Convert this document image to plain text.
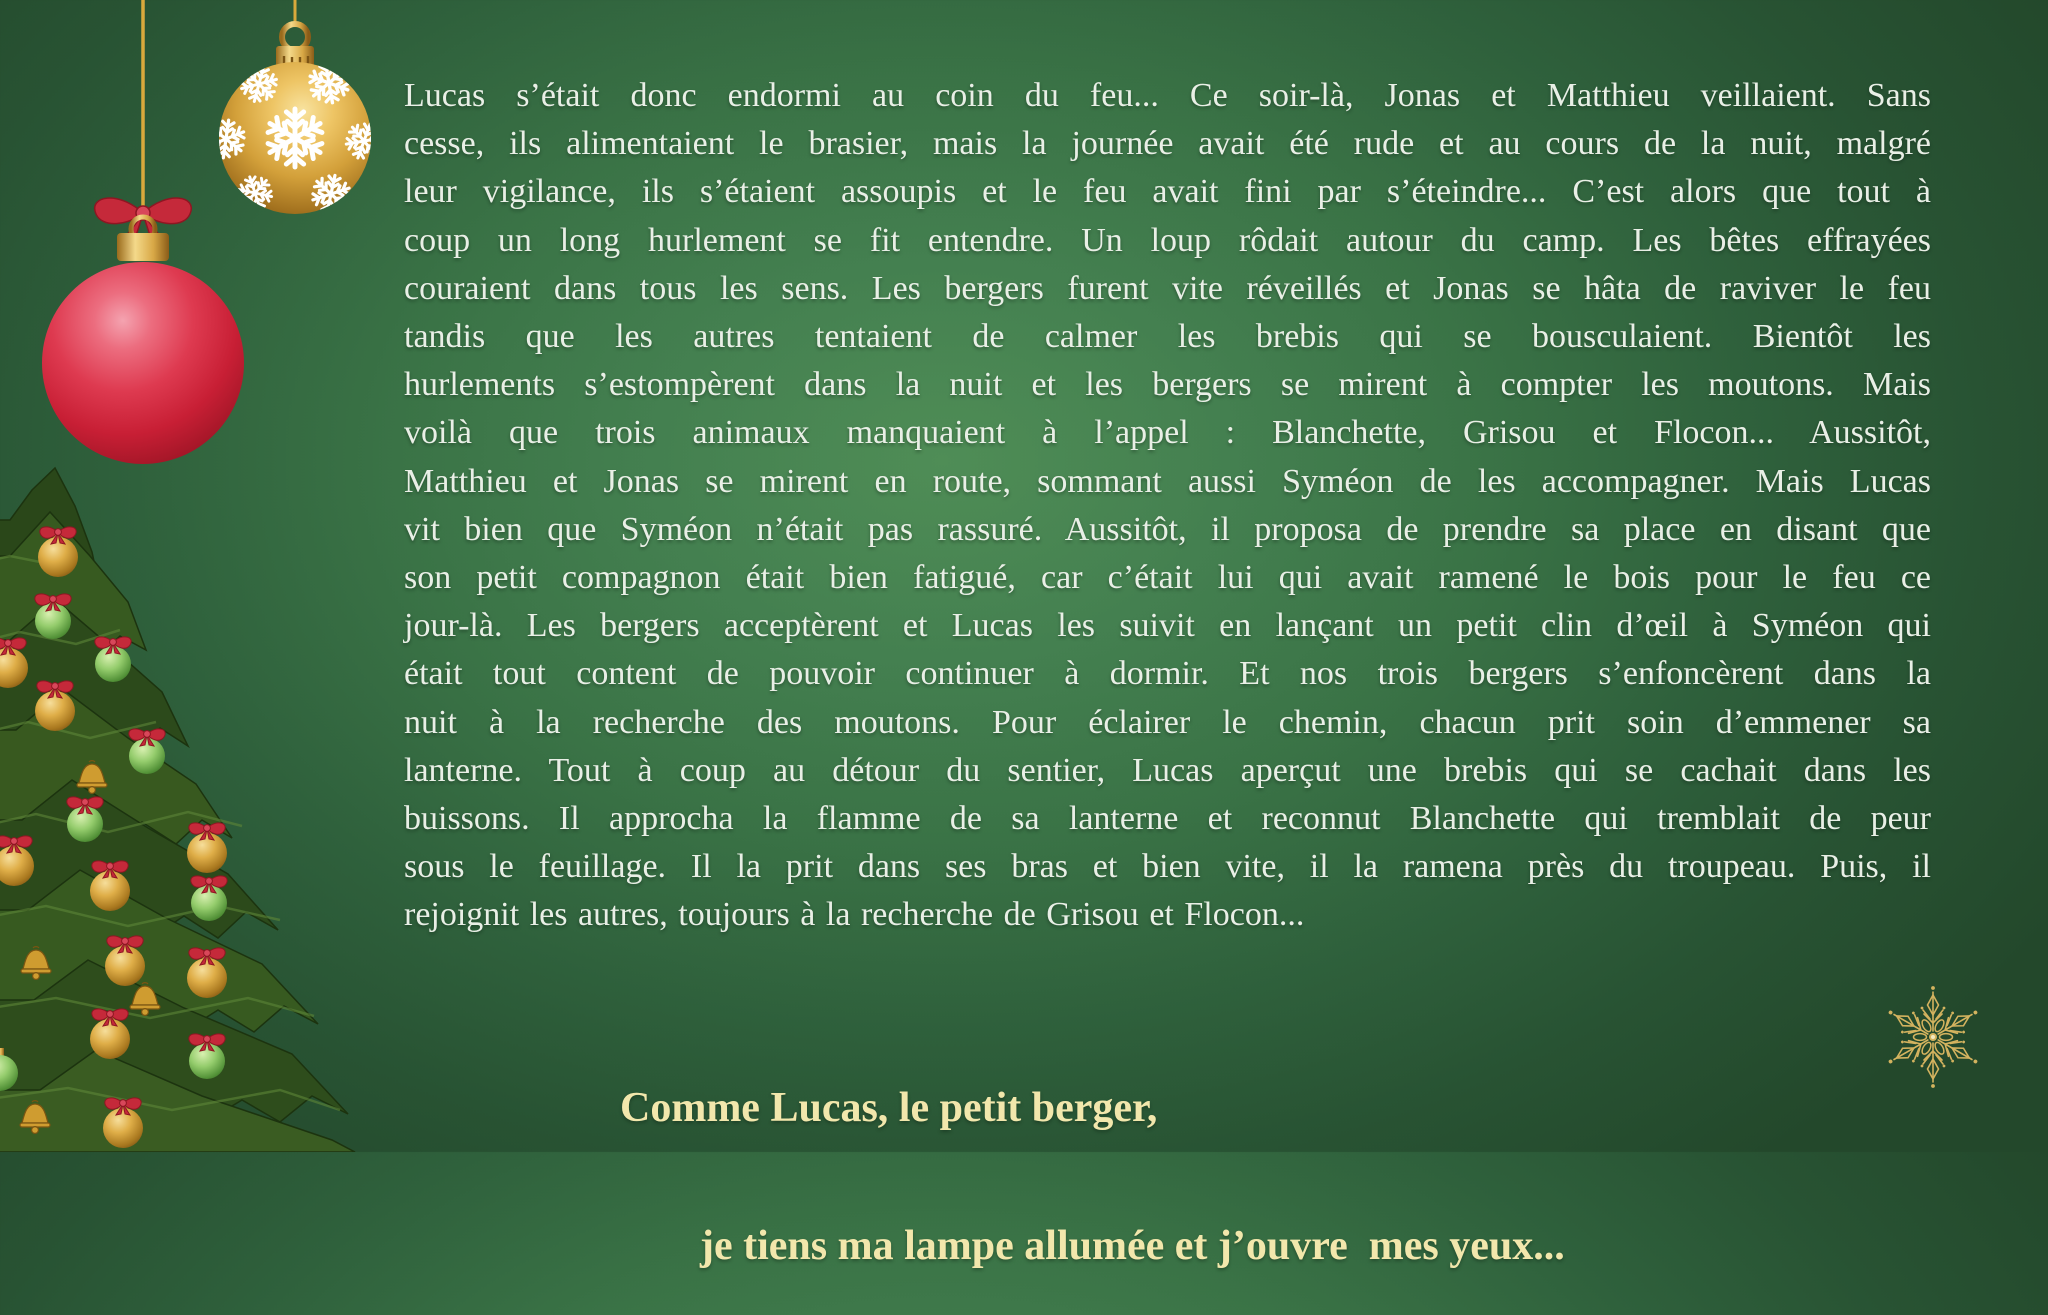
Lucas s’était donc endormi au coin du feu... Ce soir-là, Jonas et Matthieu veillaient. Sans
cesse, ils alimentaient le brasier, mais la journée avait été rude et au cours de la nuit, malgré
leur vigilance, ils s’étaient assoupis et le feu avait fini par s’éteindre... C’est alors que tout à
coup un long hurlement se fit entendre. Un loup rôdait autour du camp. Les bêtes effrayées
couraient dans tous les sens. Les bergers furent vite réveillés et Jonas se hâta de raviver le feu
tandis que les autres tentaient de calmer les brebis qui se bousculaient. Bientôt les
hurlements s’estompèrent dans la nuit et les bergers se mirent à compter les moutons. Mais
voilà que trois animaux manquaient à l’appel : Blanchette, Grisou et Flocon... Aussitôt,
Matthieu et Jonas se mirent en route, sommant aussi Syméon de les accompagner. Mais Lucas
vit bien que Syméon n’était pas rassuré. Aussitôt, il proposa de prendre sa place en disant que
son petit compagnon était bien fatigué, car c’était lui qui avait ramené le bois pour le feu ce
jour-là. Les bergers acceptèrent et Lucas les suivit en lançant un petit clin d’œil à Syméon qui
était tout content de pouvoir continuer à dormir. Et nos trois bergers s’enfoncèrent dans la
nuit à la recherche des moutons. Pour éclairer le chemin, chacun prit soin d’emmener sa
lanterne. Tout à coup au détour du sentier, Lucas aperçut une brebis qui se cachait dans les
buissons. Il approcha la flamme de sa lanterne et reconnut Blanchette qui tremblait de peur
sous le feuillage. Il la prit dans ses bras et bien vite, il la ramena près du troupeau. Puis, il
rejoignit les autres, toujours à la recherche de Grisou et Flocon...

Comme Lucas, le petit berger,

je tiens ma lampe allumée et j’ouvre  mes yeux...
